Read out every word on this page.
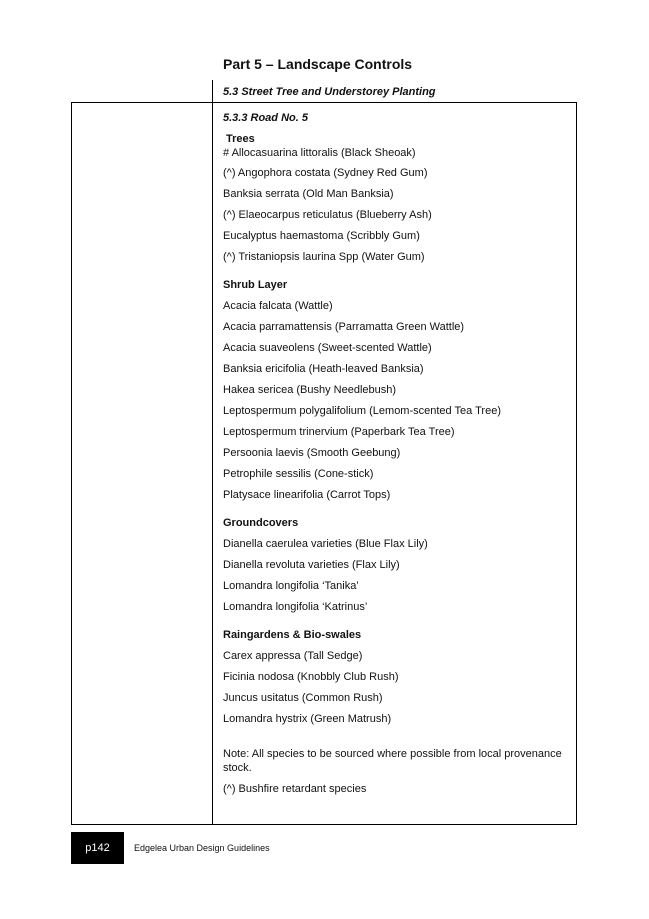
Part 5 – Landscape Controls
5.3 Street Tree and Understorey Planting
5.3.3 Road No. 5
Trees
# Allocasuarina littoralis (Black Sheoak)
(^) Angophora costata (Sydney Red Gum)
Banksia serrata (Old Man Banksia)
(^) Elaeocarpus reticulatus (Blueberry Ash)
Eucalyptus haemastoma (Scribbly Gum)
(^) Tristaniopsis laurina Spp (Water Gum)
Shrub Layer
Acacia falcata (Wattle)
Acacia parramattensis (Parramatta Green Wattle)
Acacia suaveolens (Sweet-scented Wattle)
Banksia ericifolia (Heath-leaved Banksia)
Hakea sericea (Bushy Needlebush)
Leptospermum polygalifolium (Lemom-scented Tea Tree)
Leptospermum trinervium (Paperbark Tea Tree)
Persoonia laevis (Smooth Geebung)
Petrophile sessilis (Cone-stick)
Platysace linearifolia (Carrot Tops)
Groundcovers
Dianella caerulea varieties (Blue Flax Lily)
Dianella revoluta varieties (Flax Lily)
Lomandra longifolia ‘Tanika’
Lomandra longifolia ‘Katrinus’
Raingardens & Bio-swales
Carex appressa (Tall Sedge)
Ficinia nodosa (Knobbly Club Rush)
Juncus usitatus (Common Rush)
Lomandra hystrix (Green Matrush)
Note: All species to be sourced where possible from local provenance stock.
(^) Bushfire retardant species
p142	Edgelea Urban Design Guidelines
